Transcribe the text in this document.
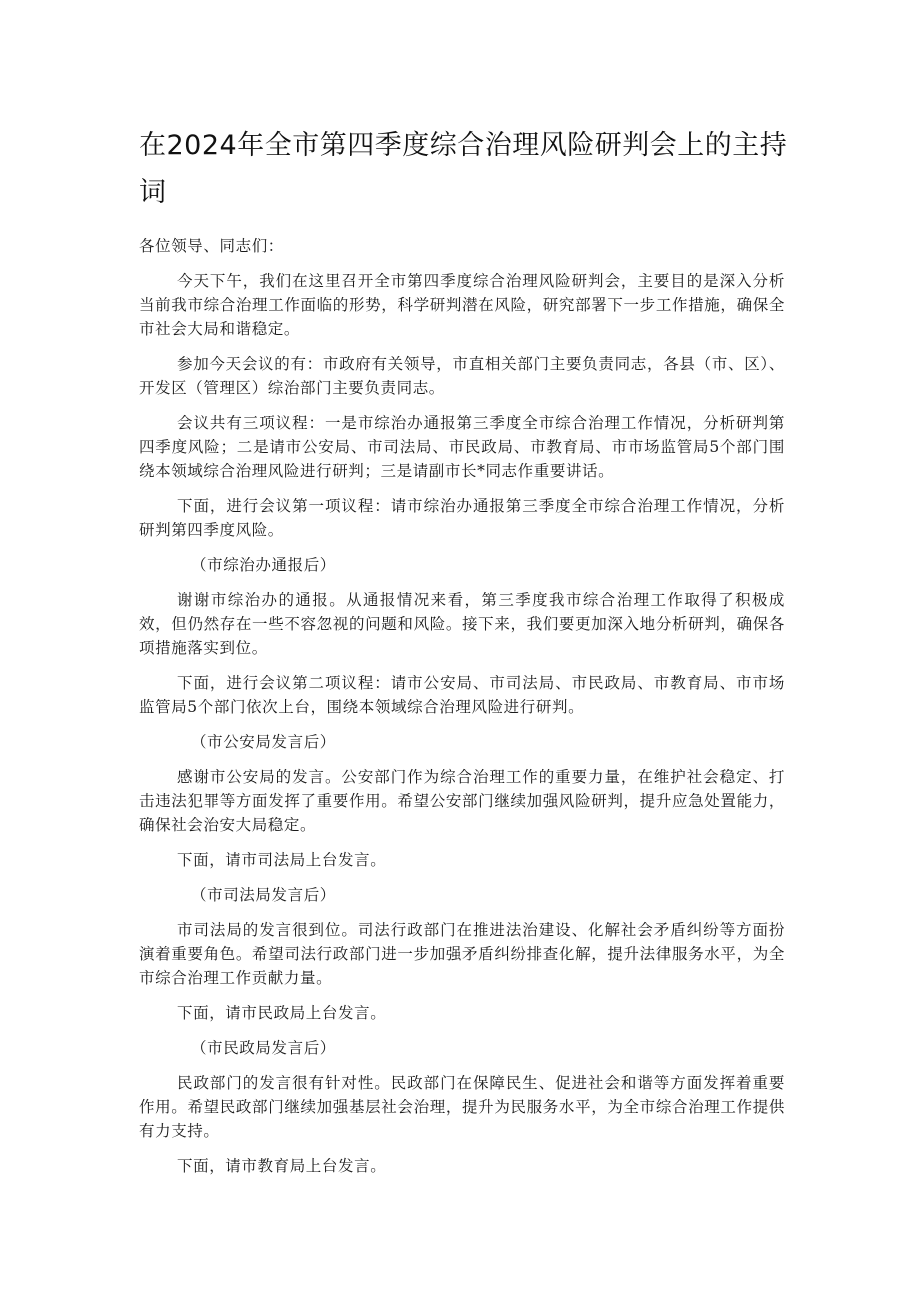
在2024年全市第四季度综合治理风险研判会上的主持词

各位领导、同志们：

今天下午，我们在这里召开全市第四季度综合治理风险研判会，主要目的是深入分析当前我市综合治理工作面临的形势，科学研判潜在风险，研究部署下一步工作措施，确保全市社会大局和谐稳定。

参加今天会议的有：市政府有关领导，市直相关部门主要负责同志，各县（市、区）、开发区（管理区）综治部门主要负责同志。

会议共有三项议程：一是市综治办通报第三季度全市综合治理工作情况，分析研判第四季度风险；二是请市公安局、市司法局、市民政局、市教育局、市市场监管局5个部门围绕本领域综合治理风险进行研判；三是请副市长*同志作重要讲话。

下面，进行会议第一项议程：请市综治办通报第三季度全市综合治理工作情况，分析研判第四季度风险。

（市综治办通报后）

谢谢市综治办的通报。从通报情况来看，第三季度我市综合治理工作取得了积极成效，但仍然存在一些不容忽视的问题和风险。接下来，我们要更加深入地分析研判，确保各项措施落实到位。

下面，进行会议第二项议程：请市公安局、市司法局、市民政局、市教育局、市市场监管局5个部门依次上台，围绕本领域综合治理风险进行研判。

（市公安局发言后）

感谢市公安局的发言。公安部门作为综合治理工作的重要力量，在维护社会稳定、打击违法犯罪等方面发挥了重要作用。希望公安部门继续加强风险研判，提升应急处置能力，确保社会治安大局稳定。

下面，请市司法局上台发言。

（市司法局发言后）

市司法局的发言很到位。司法行政部门在推进法治建设、化解社会矛盾纠纷等方面扮演着重要角色。希望司法行政部门进一步加强矛盾纠纷排查化解，提升法律服务水平，为全市综合治理工作贡献力量。

下面，请市民政局上台发言。

（市民政局发言后）

民政部门的发言很有针对性。民政部门在保障民生、促进社会和谐等方面发挥着重要作用。希望民政部门继续加强基层社会治理，提升为民服务水平，为全市综合治理工作提供有力支持。

下面，请市教育局上台发言。
